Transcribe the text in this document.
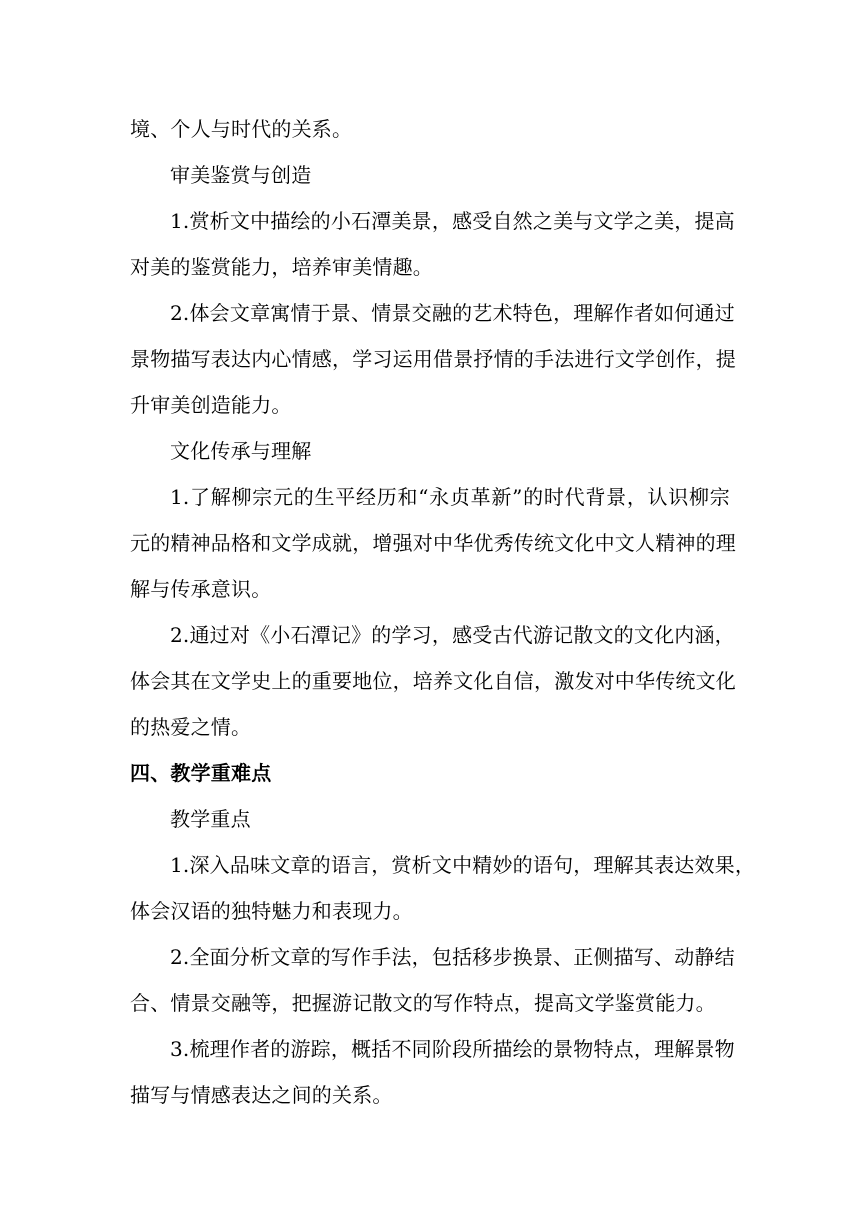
境、个人与时代的关系。
审美鉴赏与创造
1.赏析文中描绘的小石潭美景，感受自然之美与文学之美，提高
对美的鉴赏能力，培养审美情趣。
2.体会文章寓情于景、情景交融的艺术特色，理解作者如何通过
景物描写表达内心情感，学习运用借景抒情的手法进行文学创作，提
升审美创造能力。
文化传承与理解
1.了解柳宗元的生平经历和“永贞革新”的时代背景，认识柳宗
元的精神品格和文学成就，增强对中华优秀传统文化中文人精神的理
解与传承意识。
2.通过对《小石潭记》的学习，感受古代游记散文的文化内涵，
体会其在文学史上的重要地位，培养文化自信，激发对中华传统文化
的热爱之情。
四、教学重难点
教学重点
1.深入品味文章的语言，赏析文中精妙的语句，理解其表达效果，
体会汉语的独特魅力和表现力。
2.全面分析文章的写作手法，包括移步换景、正侧描写、动静结
合、情景交融等，把握游记散文的写作特点，提高文学鉴赏能力。
3.梳理作者的游踪，概括不同阶段所描绘的景物特点，理解景物
描写与情感表达之间的关系。
